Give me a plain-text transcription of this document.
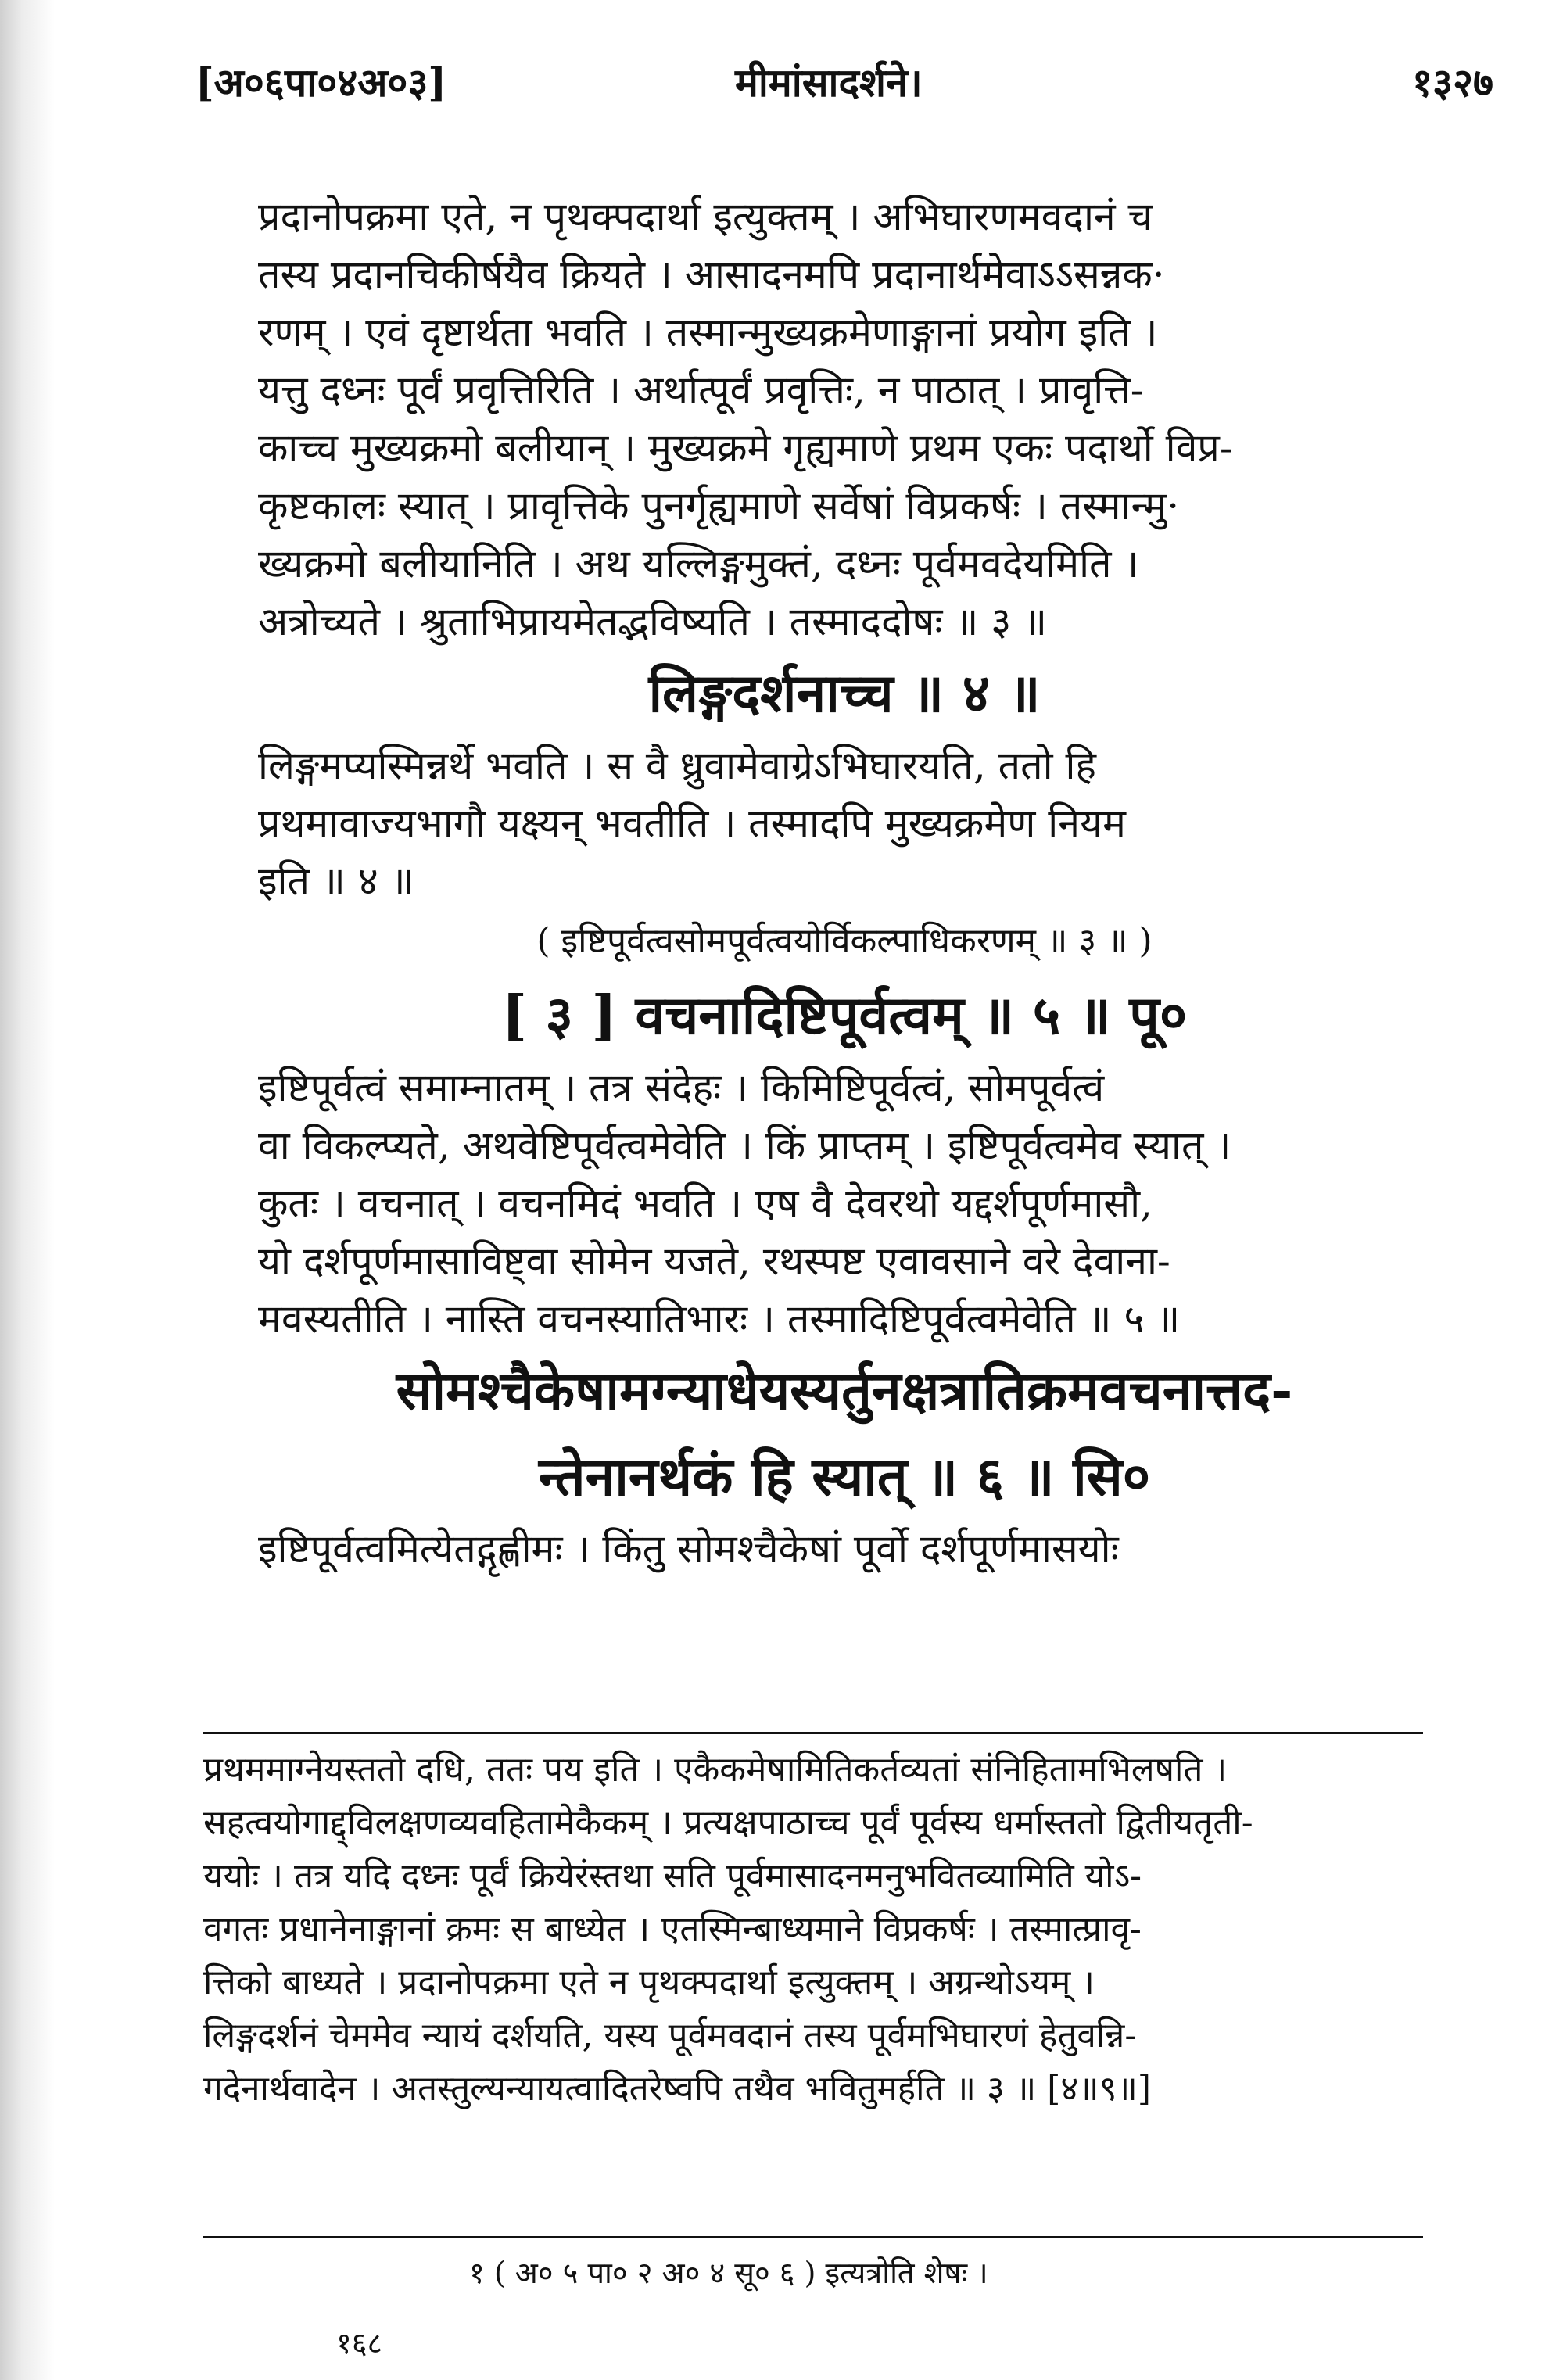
[अ०६पा०४अ०३]	मीमांसादर्शने।	१३२७
प्रदानोपक्रमा एते, न पृथक्पदार्था इत्युक्तम् । अभिघारणमवदानं च
तस्य प्रदानचिकीर्षयैव क्रियते । आसादनमपि प्रदानार्थमेवाऽऽसन्नक·
रणम् । एवं दृष्टार्थता भवति । तस्मान्मुख्यक्रमेणाङ्गानां प्रयोग इति ।
यत्तु दध्नः पूर्वं प्रवृत्तिरिति । अर्थात्पूर्वं प्रवृत्तिः, न पाठात् । प्रावृत्ति-
काच्च मुख्यक्रमो बलीयान् । मुख्यक्रमे गृह्यमाणे प्रथम एकः पदार्थो विप्र-
कृष्टकालः स्यात् । प्रावृत्तिके पुनर्गृह्यमाणे सर्वेषां विप्रकर्षः । तस्मान्मु·
ख्यक्रमो बलीयानिति । अथ यल्लिङ्गमुक्तं, दध्नः पूर्वमवदेयमिति ।
अत्रोच्यते । श्रुताभिप्रायमेतद्भविष्यति । तस्माददोषः ॥ ३ ॥
लिङ्गदर्शनाच्च ॥ ४ ॥
लिङ्गमप्यस्मिन्नर्थे भवति । स वै ध्रुवामेवाग्रेऽभिघारयति, ततो हि
प्रथमावाज्यभागौ यक्ष्यन् भवतीति । तस्मादपि मुख्यक्रमेण नियम
इति ॥ ४ ॥
( इष्टिपूर्वत्वसोमपूर्वत्वयोर्विकल्पाधिकरणम् ॥ ३ ॥ )
[ ३ ] वचनादिष्टिपूर्वत्वम् ॥ ५ ॥ पू०
इष्टिपूर्वत्वं समाम्नातम् । तत्र संदेहः । किमिष्टिपूर्वत्वं, सोमपूर्वत्वं
वा विकल्प्यते, अथवेष्टिपूर्वत्वमेवेति । किं प्राप्तम् । इष्टिपूर्वत्वमेव स्यात् ।
कुतः । वचनात् । वचनमिदं भवति । एष वै देवरथो यद्दर्शपूर्णमासौ,
यो दर्शपूर्णमासाविष्ट्वा सोमेन यजते, रथस्पष्ट एवावसाने वरे देवाना-
मवस्यतीति । नास्ति वचनस्यातिभारः । तस्मादिष्टिपूर्वत्वमेवेति ॥ ५ ॥
सोमश्चैकेषामग्न्याधेयस्यर्तुनक्षत्रातिक्रमवचनात्तद-
न्तेनानर्थकं हि स्यात् ॥ ६ ॥ सि०
इष्टिपूर्वत्वमित्येतद्गृह्णीमः । किंतु सोमश्चैकेषां पूर्वो दर्शपूर्णमासयोः
प्रथममाग्नेयस्ततो दधि, ततः पय इति । एकैकमेषामितिकर्तव्यतां संनिहितामभिलषति ।
सहत्वयोगाद्द्विलक्षणव्यवहितामेकैकम् । प्रत्यक्षपाठाच्च पूर्वं पूर्वस्य धर्मास्ततो द्वितीयतृती-
ययोः । तत्र यदि दध्नः पूर्वं क्रियेरंस्तथा सति पूर्वमासादनमनुभवितव्यामिति योऽ-
वगतः प्रधानेनाङ्गानां क्रमः स बाध्येत । एतस्मिन्बाध्यमाने विप्रकर्षः । तस्मात्प्रावृ-
त्तिको बाध्यते । प्रदानोपक्रमा एते न पृथक्पदार्था इत्युक्तम् । अग्रन्थोऽयम् ।
लिङ्गदर्शनं चेममेव न्यायं दर्शयति, यस्य पूर्वमवदानं तस्य पूर्वमभिघारणं हेतुवन्नि-
गदेनार्थवादेन । अतस्तुल्यन्यायत्वादितरेष्वपि तथैव भवितुमर्हति ॥ ३ ॥ [४॥९॥]
१ ( अ० ५ पा० २ अ० ४ सू० ६ ) इत्यत्रोति शेषः ।
१६८
